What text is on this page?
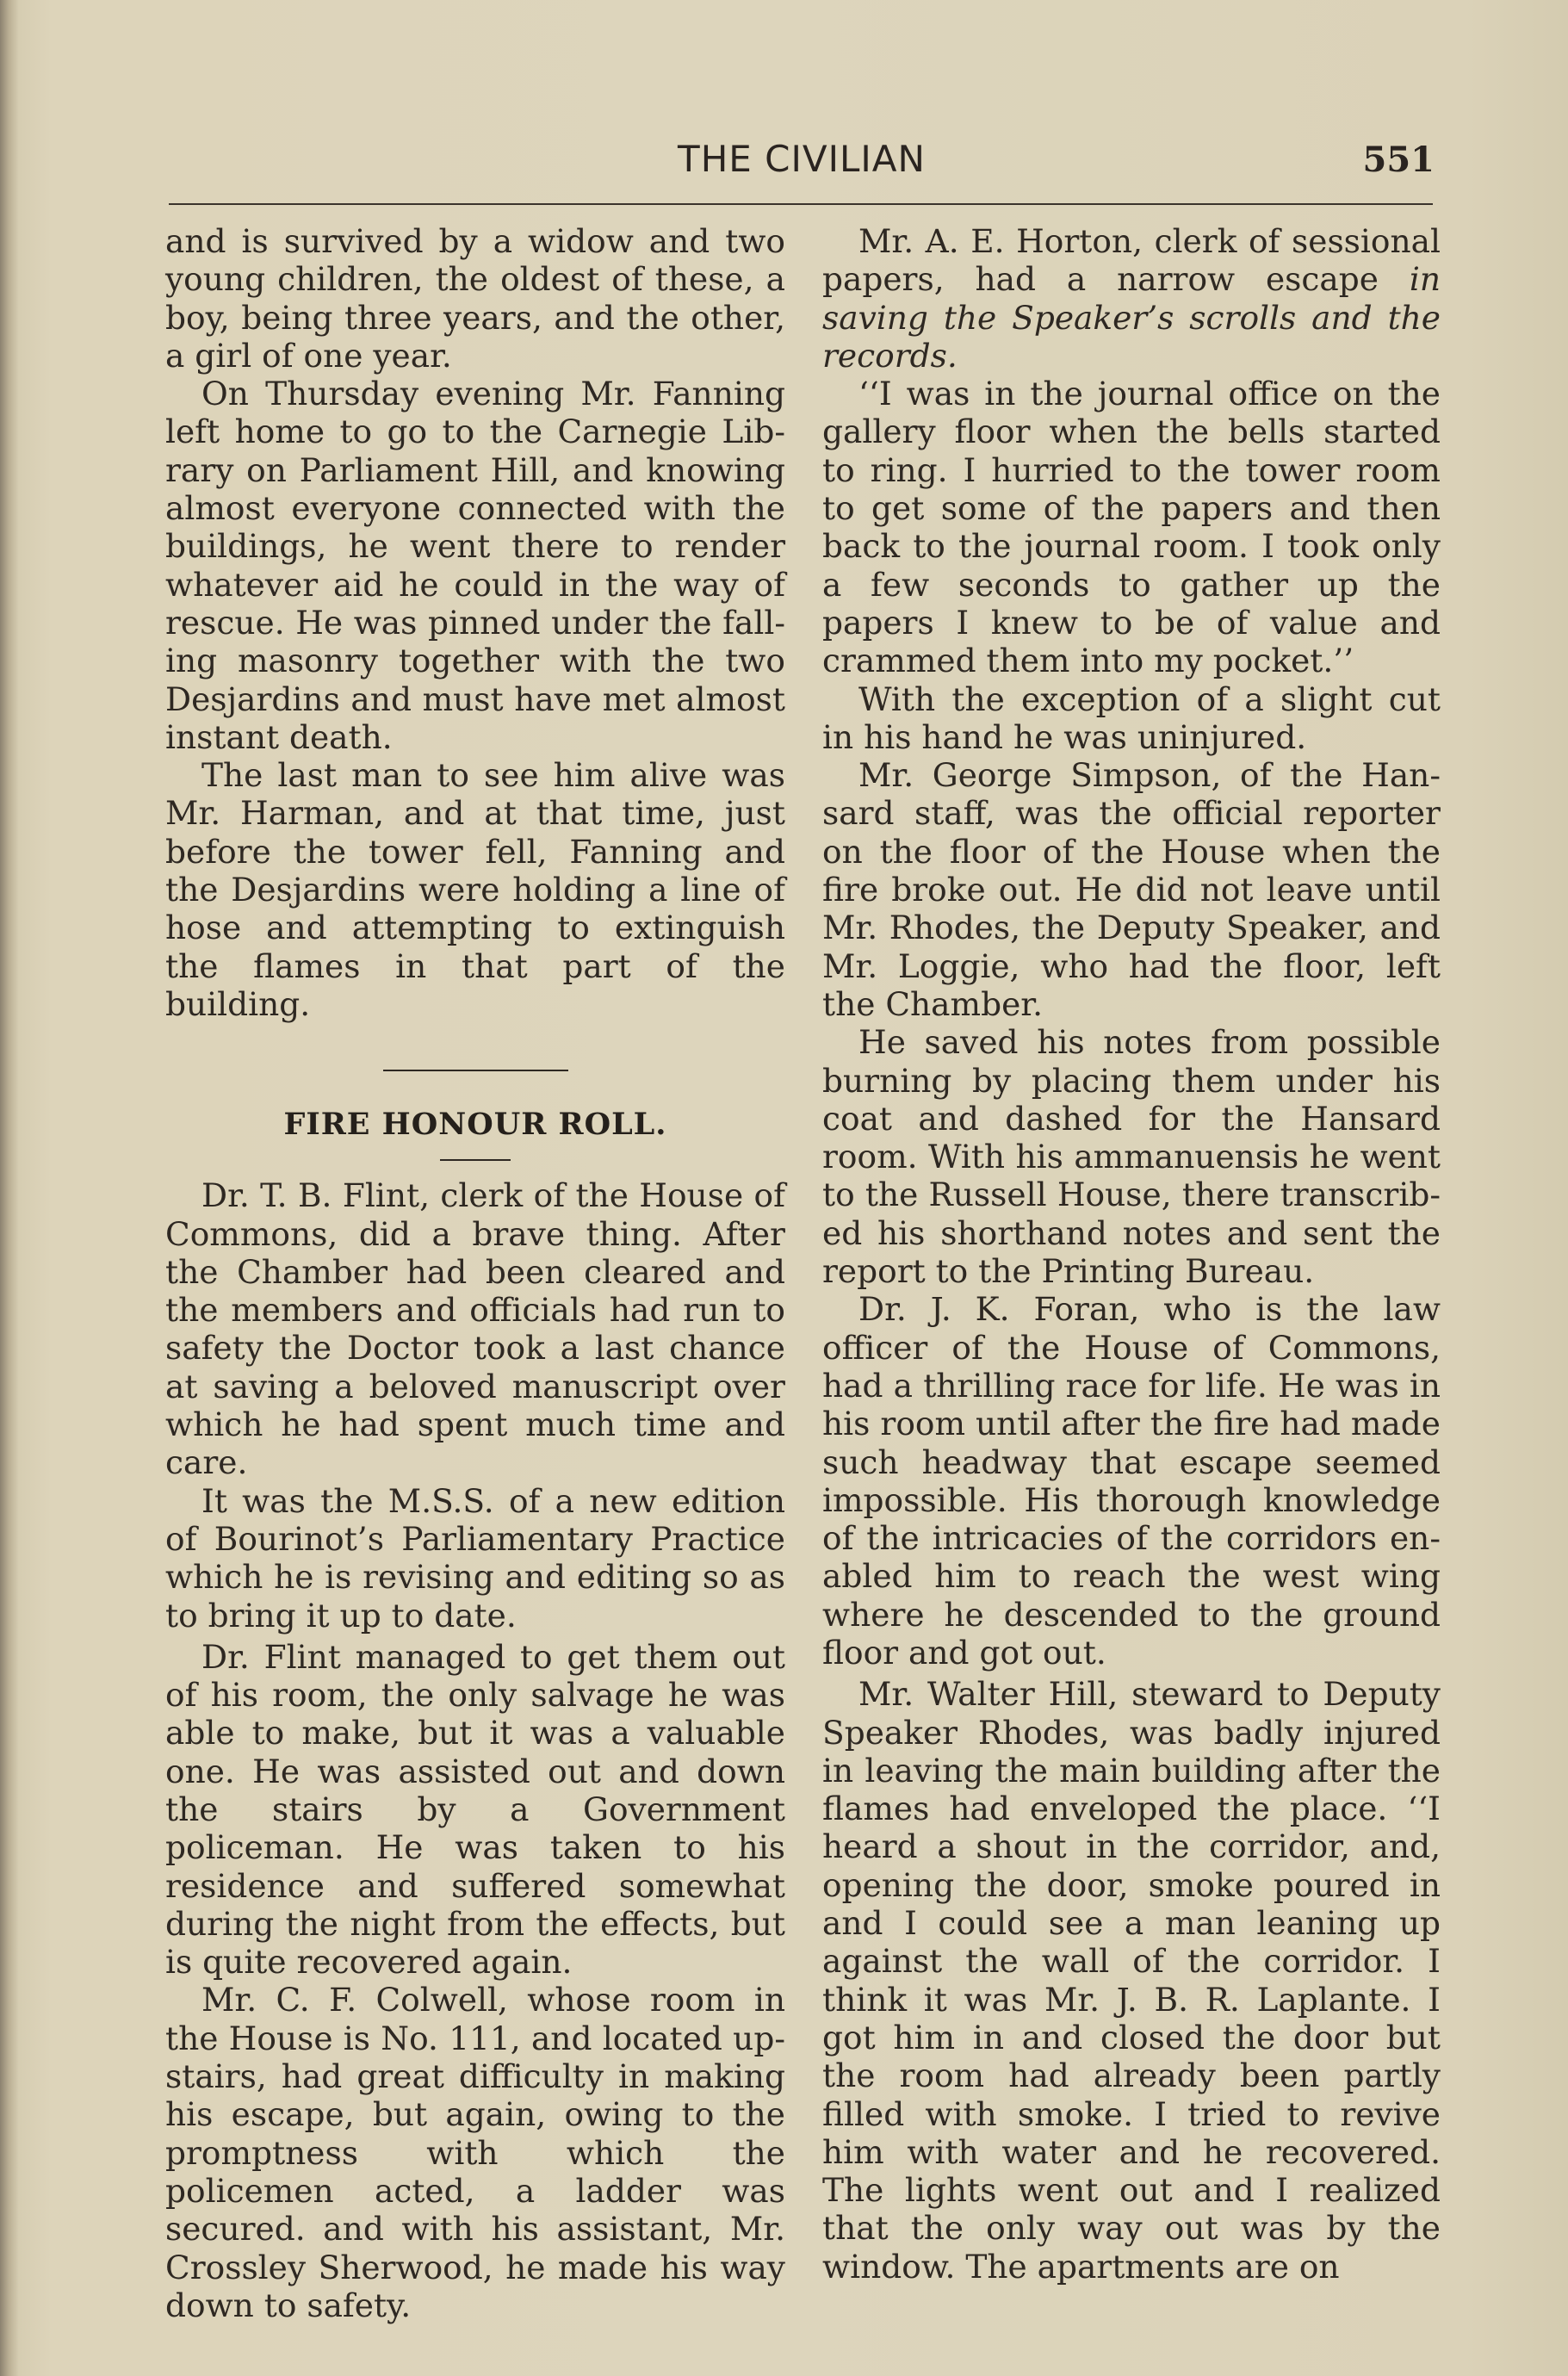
THE CIVILIAN	551

and is survived by a widow and two young children, the oldest of these, a boy, being three years, and the other, a girl of one year.

On Thursday evening Mr. Fanning left home to go to the Carnegie Library on Parliament Hill, and knowing almost everyone connected with the buildings, he went there to render whatever aid he could in the way of rescue. He was pinned under the falling masonry together with the two Desjardins and must have met almost instant death.

The last man to see him alive was Mr. Harman, and at that time, just before the tower fell, Fanning and the Desjardins were holding a line of hose and attempting to extinguish the flames in that part of the building.

FIRE HONOUR ROLL.

Dr. T. B. Flint, clerk of the House of Commons, did a brave thing. After the Chamber had been cleared and the members and officials had run to safety the Doctor took a last chance at saving a beloved manuscript over which he had spent much time and care.

It was the M.S.S. of a new edition of Bourinot’s Parliamentary Practice which he is revising and editing so as to bring it up to date.

Dr. Flint managed to get them out of his room, the only salvage he was able to make, but it was a valuable one. He was assisted out and down the stairs by a Government policeman. He was taken to his residence and suffered somewhat during the night from the effects, but is quite recovered again.

Mr. C. F. Colwell, whose room in the House is No. 111, and located upstairs, had great difficulty in making his escape, but again, owing to the promptness with which the policemen acted, a ladder was secured. and with his assistant, Mr. Crossley Sherwood, he made his way down to safety.

Mr. A. E. Horton, clerk of sessional papers, had a narrow escape in saving the Speaker’s scrolls and the records.

‘‘I was in the journal office on the gallery floor when the bells started to ring. I hurried to the tower room to get some of the papers and then back to the journal room. I took only a few seconds to gather up the papers I knew to be of value and crammed them into my pocket.’’

With the exception of a slight cut in his hand he was uninjured.

Mr. George Simpson, of the Hansard staff, was the official reporter on the floor of the House when the fire broke out. He did not leave until Mr. Rhodes, the Deputy Speaker, and Mr. Loggie, who had the floor, left the Chamber.

He saved his notes from possible burning by placing them under his coat and dashed for the Hansard room. With his ammanuensis he went to the Russell House, there transcribed his shorthand notes and sent the report to the Printing Bureau.

Dr. J. K. Foran, who is the law officer of the House of Commons, had a thrilling race for life. He was in his room until after the fire had made such headway that escape seemed impossible. His thorough knowledge of the intricacies of the corridors enabled him to reach the west wing where he descended to the ground floor and got out.

Mr. Walter Hill, steward to Deputy Speaker Rhodes, was badly injured in leaving the main building after the flames had enveloped the place. ‘‘I heard a shout in the corridor, and, opening the door, smoke poured in and I could see a man leaning up against the wall of the corridor. I think it was Mr. J. B. R. Laplante. I got him in and closed the door but the room had already been partly filled with smoke. I tried to revive him with water and he recovered. The lights went out and I realized that the only way out was by the window. The apartments are on
